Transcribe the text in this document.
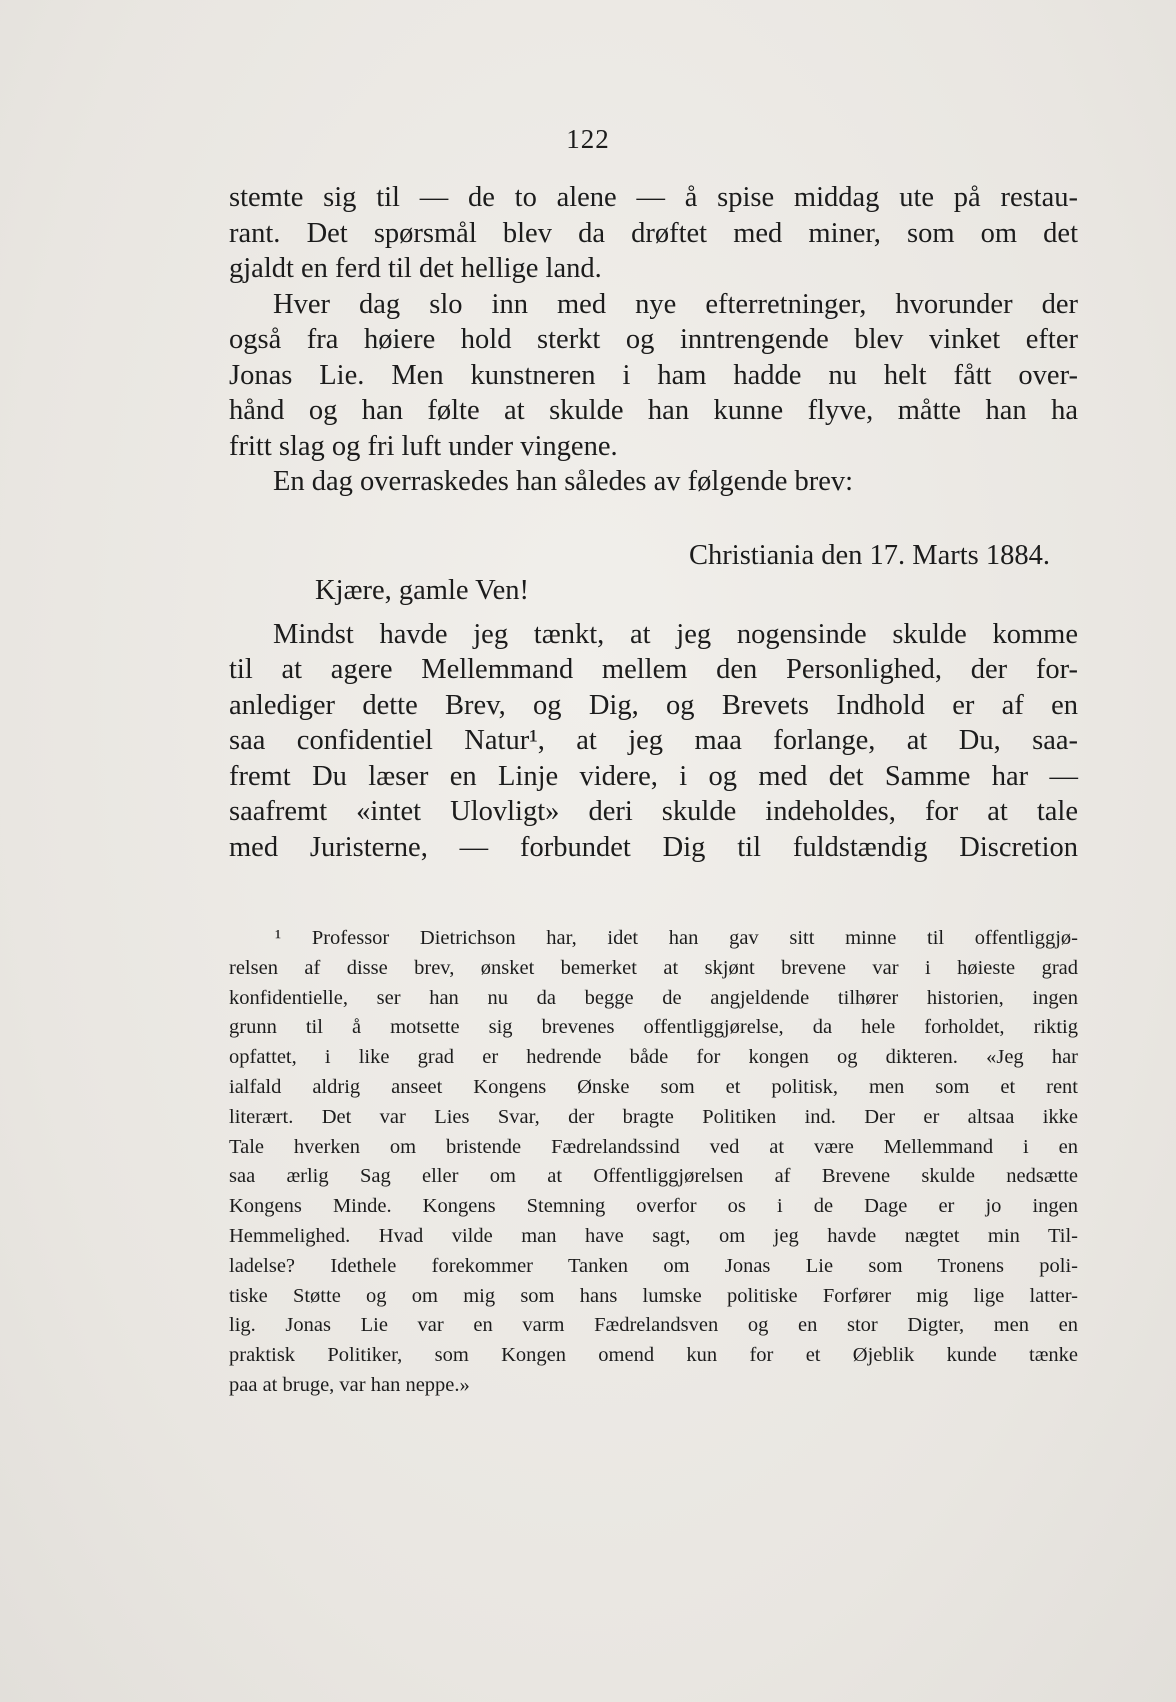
122
stemte sig til — de to alene — å spise middag ute på restau-
rant. Det spørsmål blev da drøftet med miner, som om det
gjaldt en ferd til det hellige land.
Hver dag slo inn med nye efterretninger, hvorunder der
også fra høiere hold sterkt og inntrengende blev vinket efter
Jonas Lie. Men kunstneren i ham hadde nu helt fått over-
hånd og han følte at skulde han kunne flyve, måtte han ha
fritt slag og fri luft under vingene.
En dag overraskedes han således av følgende brev:
Christiania den 17. Marts 1884.
Kjære, gamle Ven!
Mindst havde jeg tænkt, at jeg nogensinde skulde komme
til at agere Mellemmand mellem den Personlighed, der for-
anlediger dette Brev, og Dig, og Brevets Indhold er af en
saa confidentiel Natur¹, at jeg maa forlange, at Du, saa-
fremt Du læser en Linje videre, i og med det Samme har —
saafremt «intet Ulovligt» deri skulde indeholdes, for at tale
med Juristerne, — forbundet Dig til fuldstændig Discretion
¹ Professor Dietrichson har, idet han gav sitt minne til offentliggjø-
relsen af disse brev, ønsket bemerket at skjønt brevene var i høieste grad
konfidentielle, ser han nu da begge de angjeldende tilhører historien, ingen
grunn til å motsette sig brevenes offentliggjørelse, da hele forholdet, riktig
opfattet, i like grad er hedrende både for kongen og dikteren. «Jeg har
ialfald aldrig anseet Kongens Ønske som et politisk, men som et rent
literært. Det var Lies Svar, der bragte Politiken ind. Der er altsaa ikke
Tale hverken om bristende Fædrelandssind ved at være Mellemmand i en
saa ærlig Sag eller om at Offentliggjørelsen af Brevene skulde nedsætte
Kongens Minde. Kongens Stemning overfor os i de Dage er jo ingen
Hemmelighed. Hvad vilde man have sagt, om jeg havde nægtet min Til-
ladelse? Idethele forekommer Tanken om Jonas Lie som Tronens poli-
tiske Støtte og om mig som hans lumske politiske Forfører mig lige latter-
lig. Jonas Lie var en varm Fædrelandsven og en stor Digter, men en
praktisk Politiker, som Kongen omend kun for et Øjeblik kunde tænke
paa at bruge, var han neppe.»
